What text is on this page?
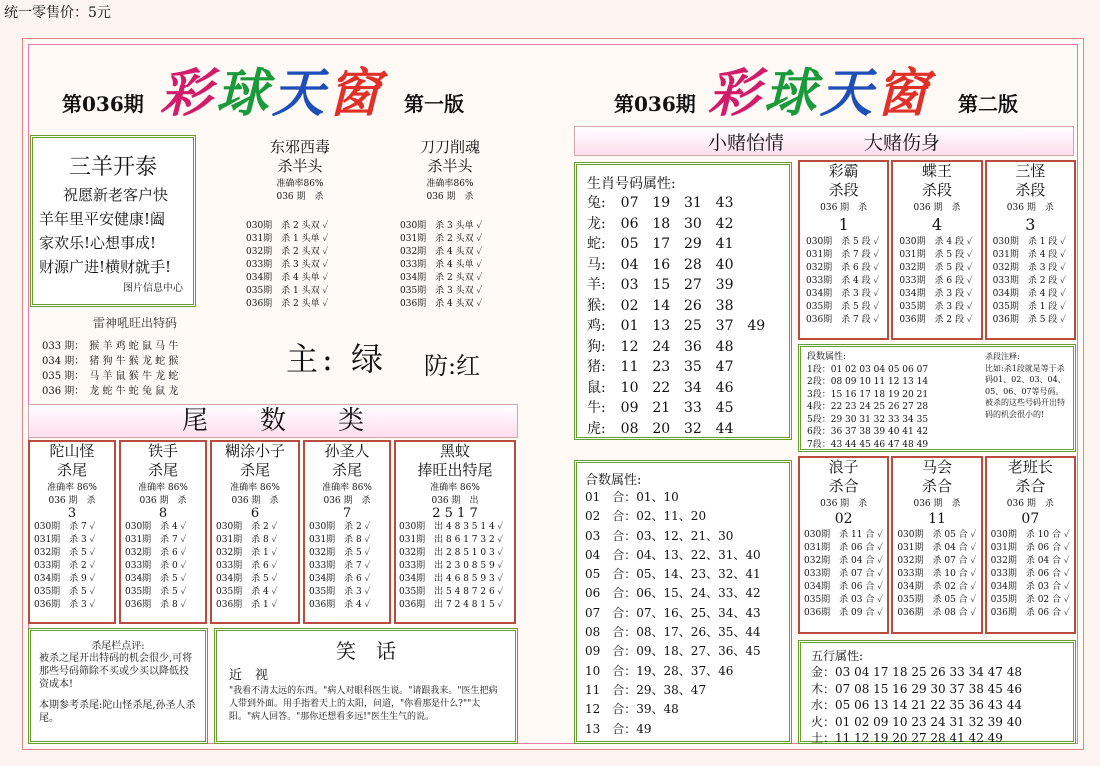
统一零售价：5元
第036期 彩球天窗 第一版	第036期 彩球天窗 第二版
三羊开泰
祝愿新老客户快
羊年里平安健康!阖
家欢乐!心想事成!
财源广进!横财就手!
图片信息中心
东邪西毒
杀半头
准确率86%
036 期　杀
030期　杀 2 头双 ✓
031期　杀 1 头单 ✓
032期　杀 2 头双 ✓
033期　杀 3 头双 ✓
034期　杀 4 头单 ✓
035期　杀 1 头双 ✓
036期　杀 2 头单 ✓
刀刀削魂
杀半头
准确率86%
036 期　杀
030期　杀 3 头单 ✓
031期　杀 2 头双 ✓
032期　杀 4 头双 ✓
033期　杀 4 头单 ✓
034期　杀 2 头双 ✓
035期　杀 3 头双 ✓
036期　杀 4 头双 ✓
雷神吼旺出特码
033 期：　猴 羊 鸡 蛇 鼠 马 牛
034 期：　猪 狗 牛 猴 龙 蛇 猴
035 期：　马 羊 鼠 猴 牛 龙 蛇
036 期：　龙 蛇 牛 蛇 兔 鼠 龙
主: 绿 防:红
尾　　数　　类
陀山怪
杀尾
准确率 86%
036 期　杀
3
030期　杀 7 ✓
031期　杀 3 ✓
032期　杀 5 ✓
033期　杀 2 ✓
034期　杀 9 ✓
035期　杀 5 ✓
036期　杀 3 ✓
铁手
杀尾
准确率 86%
036 期　杀
8
030期　杀 4 ✓
031期　杀 7 ✓
032期　杀 6 ✓
033期　杀 0 ✓
034期　杀 5 ✓
035期　杀 5 ✓
036期　杀 8 ✓
糊涂小子
杀尾
准确率 86%
036 期　杀
6
030期　杀 2 ✓
031期　杀 8 ✓
032期　杀 1 ✓
033期　杀 6 ✓
034期　杀 5 ✓
035期　杀 4 ✓
036期　杀 1 ✓
孙圣人
杀尾
准确率 86%
036 期　杀
7
030期　杀 2 ✓
031期　杀 8 ✓
032期　杀 5 ✓
033期　杀 7 ✓
034期　杀 6 ✓
035期　杀 3 ✓
036期　杀 4 ✓
黑蚊
捧旺出特尾
准确率 86%
036 期　出
2 5 1 7
030期　出 4 8 3 5 1 4 ✓
031期　出 8 6 1 7 3 2 ✓
032期　出 2 8 5 1 0 3 ✓
033期　出 2 3 0 8 5 9 ✓
034期　出 4 6 8 5 9 3 ✓
035期　出 5 4 8 7 2 6 ✓
036期　出 7 2 4 8 1 5 ✓
杀尾栏点评:
被杀之尾开出特码的机会很少,可将那些号码筛除不买或少买以降低投资成本!
本期参考杀尾:陀山怪杀尾,孙圣人杀尾。
笑　话
近　视
"我看不清太远的东西。"病人对眼科医生说。"请跟我来。"医生把病人带到外面。用手指着天上的太阳，问道，"你看那是什么?""太阳。"病人回答。"那你还想看多远!"医生生气的说。
小赌怡情	大赌伤身
生肖号码属性:
兔:	07 19 31 43
龙:	06 18 30 42
蛇:	05 17 29 41
马:	04 16 28 40
羊:	03 15 27 39
猴:	02 14 26 38
鸡:	01 13 25 37 49
狗:	12 24 36 48
猪:	11 23 35 47
鼠:	10 22 34 46
牛:	09 21 33 45
虎:	08 20 32 44
彩霸
杀段
036 期　杀
1
030期　杀 5 段 ✓
031期　杀 7 段 ✓
032期　杀 6 段 ✓
033期　杀 4 段 ✓
034期　杀 3 段 ✓
035期　杀 5 段 ✓
036期　杀 7 段 ✓
蝶王
杀段
036 期　杀
4
030期　杀 4 段 ✓
031期　杀 5 段 ✓
032期　杀 5 段 ✓
033期　杀 6 段 ✓
034期　杀 3 段 ✓
035期　杀 3 段 ✓
036期　杀 2 段 ✓
三怪
杀段
036 期　杀
3
030期　杀 1 段 ✓
031期　杀 4 段 ✓
032期　杀 3 段 ✓
033期　杀 2 段 ✓
034期　杀 4 段 ✓
035期　杀 1 段 ✓
036期　杀 5 段 ✓
段数属性:
1段：01 02 03 04 05 06 07
2段：08 09 10 11 12 13 14
3段：15 16 17 18 19 20 21
4段：22 23 24 25 26 27 28
5段：29 30 31 32 33 34 35
6段：36 37 38 39 40 41 42
7段：43 44 45 46 47 48 49
杀段注释:
比如:杀1段就是等于杀码01、02、03、04、05、06、07等号码。被杀的这些号码开出特码的机会很小的!
合数属性:
01　合：01、10
02　合：02、11、20
03　合：03、12、21、30
04　合：04、13、22、31、40
05　合：05、14、23、32、41
06　合：06、15、24、33、42
07　合：07、16、25、34、43
08　合：08、17、26、35、44
09　合：09、18、27、36、45
10　合：19、28、37、46
11　合：29、38、47
12　合：39、48
13　合：49
浪子
杀合
036 期　杀
02
030期　杀 11 合 ✓
031期　杀 06 合 ✓
032期　杀 04 合 ✓
033期　杀 07 合 ✓
034期　杀 06 合 ✓
035期　杀 03 合 ✓
036期　杀 09 合 ✓
马会
杀合
036 期　杀
11
030期　杀 05 合 ✓
031期　杀 04 合 ✓
032期　杀 07 合 ✓
033期　杀 10 合 ✓
034期　杀 02 合 ✓
035期　杀 05 合 ✓
036期　杀 08 合 ✓
老班长
杀合
036 期　杀
07
030期　杀 10 合 ✓
031期　杀 06 合 ✓
032期　杀 04 合 ✓
033期　杀 06 合 ✓
034期　杀 03 合 ✓
035期　杀 02 合 ✓
036期　杀 06 合 ✓
五行属性:
金：03 04 17 18 25 26 33 34 47 48
木：07 08 15 16 29 30 37 38 45 46
水：05 06 13 14 21 22 35 36 43 44
火：01 02 09 10 23 24 31 32 39 40
土：11 12 19 20 27 28 41 42 49
